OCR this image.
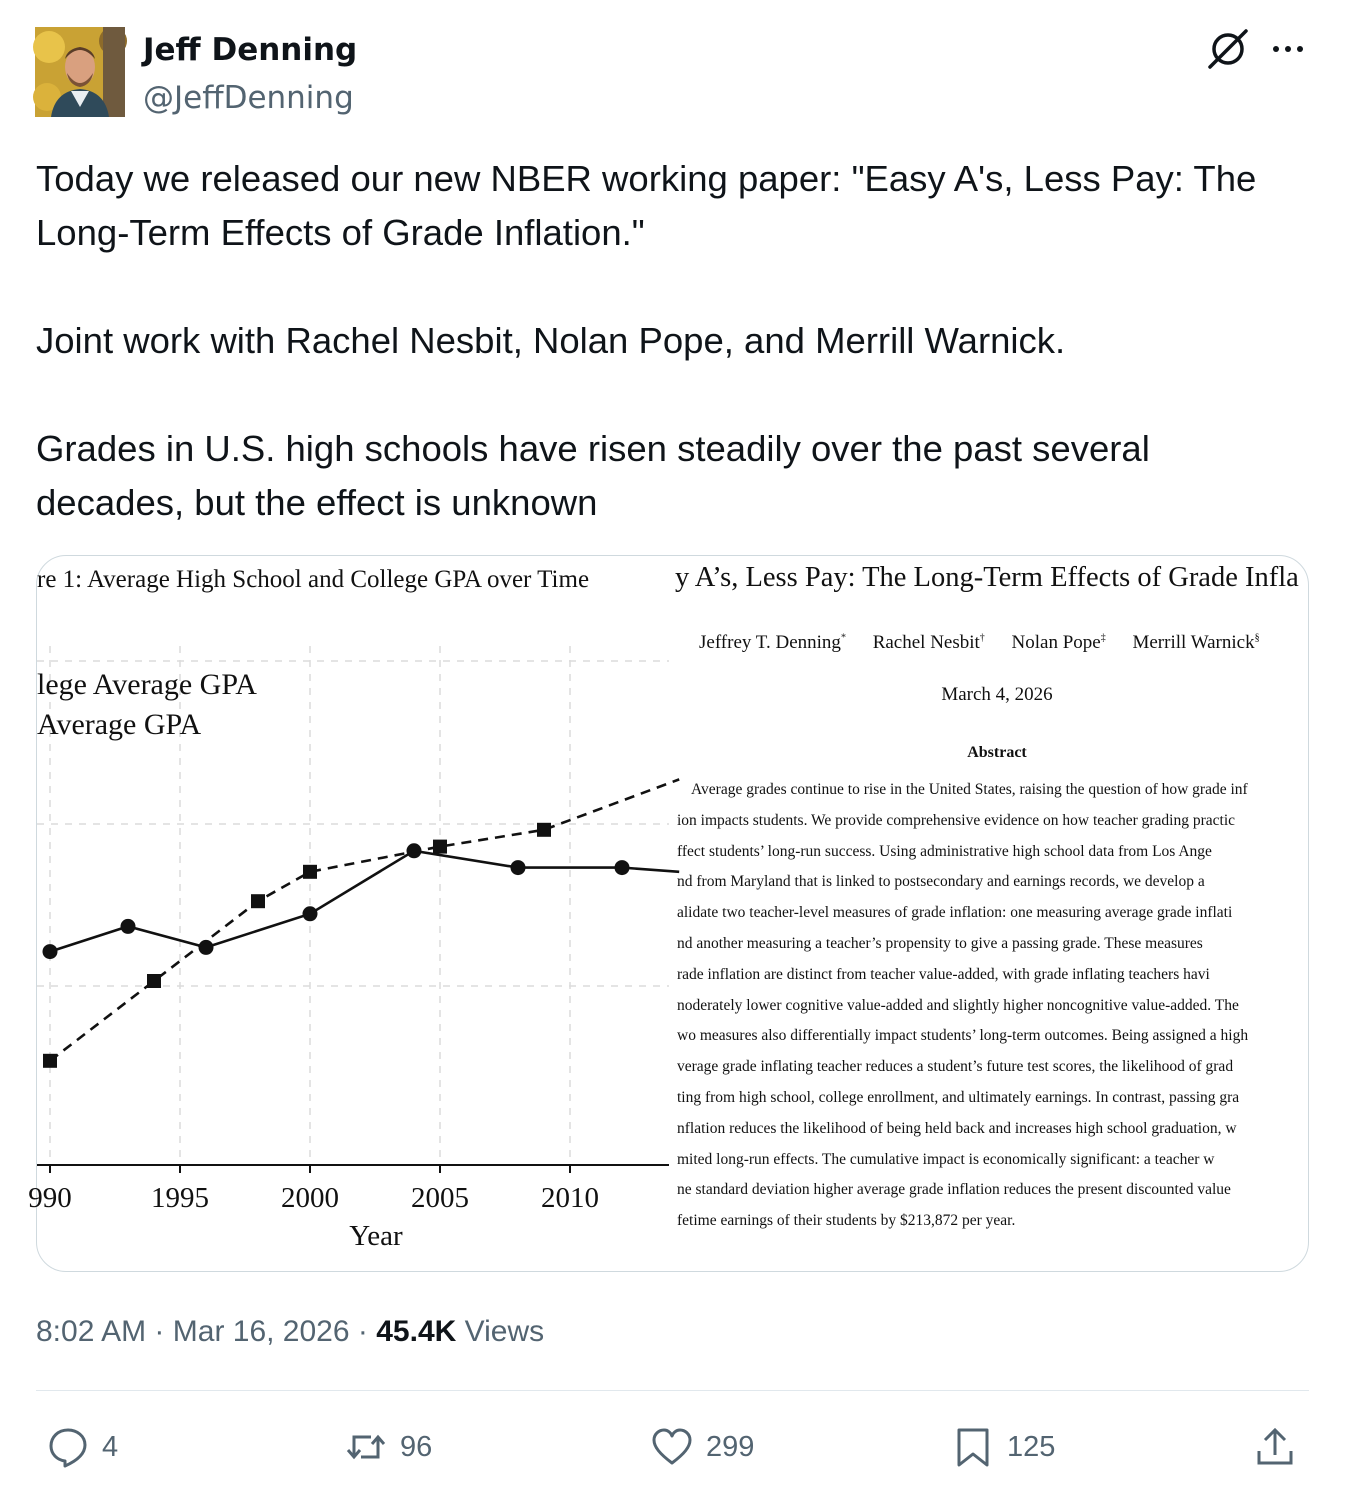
Jeff Denning
@JeffDenning

Today we released our new NBER working paper: "Easy A's, Less Pay: The Long-Term Effects of Grade Inflation."

Joint work with Rachel Nesbit, Nolan Pope, and Merrill Warnick.

Grades in U.S. high schools have risen steadily over the past several decades, but the effect is unknown

990	1995 2000 2005 2010
Year
lege Average GPA
Average GPA
re 1: Average High School and College GPA over Time	y A’s, Less Pay: The Long-Term Effects of Grade Infla
Jeffrey T. Denning* Rachel Nesbit† Nolan Pope‡ Merrill Warnick§
March 4, 2026
Abstract
Average grades continue to rise in the United States, raising the question of how grade inf
ion impacts students. We provide comprehensive evidence on how teacher grading practic
ffect students’ long-run success. Using administrative high school data from Los Ange
nd from Maryland that is linked to postsecondary and earnings records, we develop a
alidate two teacher-level measures of grade inflation: one measuring average grade inflati
nd another measuring a teacher’s propensity to give a passing grade. These measures
rade inflation are distinct from teacher value-added, with grade inflating teachers havi
noderately lower cognitive value-added and slightly higher noncognitive value-added. The
wo measures also differentially impact students’ long-term outcomes. Being assigned a high
verage grade inflating teacher reduces a student’s future test scores, the likelihood of grad
ting from high school, college enrollment, and ultimately earnings. In contrast, passing gra
nflation reduces the likelihood of being held back and increases high school graduation, w
mited long-run effects. The cumulative impact is economically significant: a teacher w
ne standard deviation higher average grade inflation reduces the present discounted value
fetime earnings of their students by $213,872 per year.
8:02 AM · Mar 16, 2026 · 45.4K Views
4	96	299	125
